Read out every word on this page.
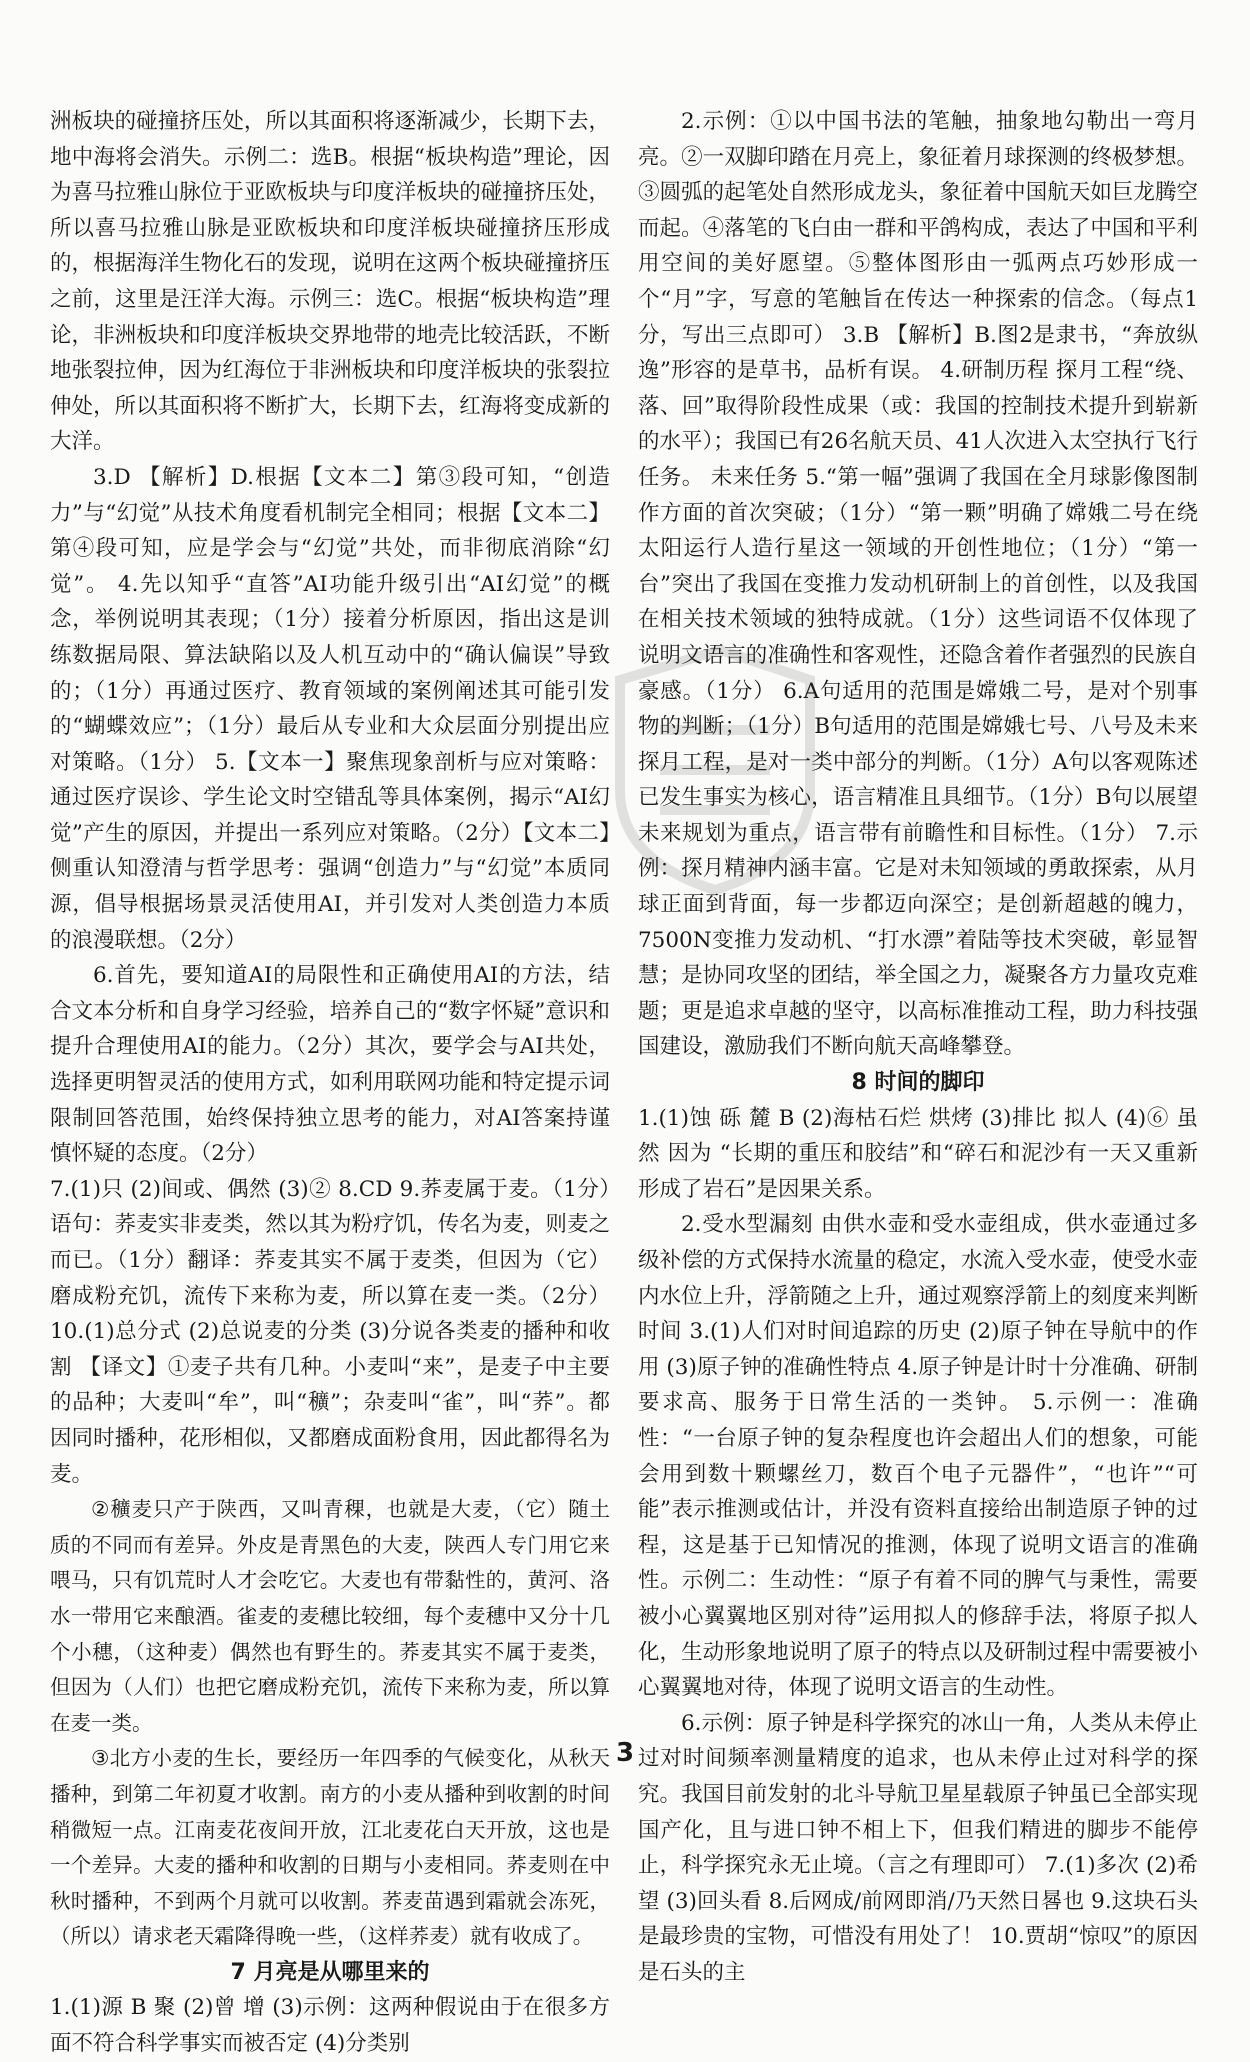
洲板块的碰撞挤压处，所以其面积将逐渐减少，长期下去，地中海将会消失。示例二：选B。根据“板块构造”理论，因为喜马拉雅山脉位于亚欧板块与印度洋板块的碰撞挤压处，所以喜马拉雅山脉是亚欧板块和印度洋板块碰撞挤压形成的，根据海洋生物化石的发现，说明在这两个板块碰撞挤压之前，这里是汪洋大海。示例三：选C。根据“板块构造”理论，非洲板块和印度洋板块交界地带的地壳比较活跃，不断地张裂拉伸，因为红海位于非洲板块和印度洋板块的张裂拉伸处，所以其面积将不断扩大，长期下去，红海将变成新的大洋。

3.D 【解析】D.根据【文本二】第③段可知，“创造力”与“幻觉”从技术角度看机制完全相同；根据【文本二】第④段可知，应是学会与“幻觉”共处，而非彻底消除“幻觉”。 4.先以知乎“直答”AI功能升级引出“AI幻觉”的概念，举例说明其表现；（1分）接着分析原因，指出这是训练数据局限、算法缺陷以及人机互动中的“确认偏误”导致的；（1分）再通过医疗、教育领域的案例阐述其可能引发的“蝴蝶效应”；（1分）最后从专业和大众层面分别提出应对策略。（1分） 5.【文本一】聚焦现象剖析与应对策略：通过医疗误诊、学生论文时空错乱等具体案例，揭示“AI幻觉”产生的原因，并提出一系列应对策略。（2分）【文本二】侧重认知澄清与哲学思考：强调“创造力”与“幻觉”本质同源，倡导根据场景灵活使用AI，并引发对人类创造力本质的浪漫联想。（2分）

6.首先，要知道AI的局限性和正确使用AI的方法，结合文本分析和自身学习经验，培养自己的“数字怀疑”意识和提升合理使用AI的能力。（2分）其次，要学会与AI共处，选择更明智灵活的使用方式，如利用联网功能和特定提示词限制回答范围，始终保持独立思考的能力，对AI答案持谨慎怀疑的态度。（2分）

7.(1)只 (2)间或、偶然 (3)② 8.CD 9.荞麦属于麦。（1分）语句：荞麦实非麦类，然以其为粉疗饥，传名为麦，则麦之而已。（1分）翻译：荞麦其实不属于麦类，但因为（它）磨成粉充饥，流传下来称为麦，所以算在麦一类。（2分） 10.(1)总分式 (2)总说麦的分类 (3)分说各类麦的播种和收割 【译文】①麦子共有几种。小麦叫“来”，是麦子中主要的品种；大麦叫“牟”，叫“穬”；杂麦叫“雀”，叫“荞”。都因同时播种，花形相似，又都磨成面粉食用，因此都得名为麦。

②穬麦只产于陕西，又叫青稞，也就是大麦，（它）随土质的不同而有差异。外皮是青黑色的大麦，陕西人专门用它来喂马，只有饥荒时人才会吃它。大麦也有带黏性的，黄河、洛水一带用它来酿酒。雀麦的麦穗比较细，每个麦穗中又分十几个小穗，（这种麦）偶然也有野生的。荞麦其实不属于麦类，但因为（人们）也把它磨成粉充饥，流传下来称为麦，所以算在麦一类。

③北方小麦的生长，要经历一年四季的气候变化，从秋天播种，到第二年初夏才收割。南方的小麦从播种到收割的时间稍微短一点。江南麦花夜间开放，江北麦花白天开放，这也是一个差异。大麦的播种和收割的日期与小麦相同。荞麦则在中秋时播种，不到两个月就可以收割。荞麦苗遇到霜就会冻死，（所以）请求老天霜降得晚一些，（这样荞麦）就有收成了。

7 月亮是从哪里来的

1.(1)源 B 聚 (2)曾 增 (3)示例：这两种假说由于在很多方面不符合科学事实而被否定 (4)分类别

2.示例：①以中国书法的笔触，抽象地勾勒出一弯月亮。②一双脚印踏在月亮上，象征着月球探测的终极梦想。③圆弧的起笔处自然形成龙头，象征着中国航天如巨龙腾空而起。④落笔的飞白由一群和平鸽构成，表达了中国和平利用空间的美好愿望。⑤整体图形由一弧两点巧妙形成一个“月”字，写意的笔触旨在传达一种探索的信念。（每点1分，写出三点即可） 3.B 【解析】B.图2是隶书，“奔放纵逸”形容的是草书，品析有误。 4.研制历程 探月工程“绕、落、回”取得阶段性成果（或：我国的控制技术提升到崭新的水平）；我国已有26名航天员、41人次进入太空执行飞行任务。 未来任务 5.“第一幅”强调了我国在全月球影像图制作方面的首次突破；（1分）“第一颗”明确了嫦娥二号在绕太阳运行人造行星这一领域的开创性地位；（1分）“第一台”突出了我国在变推力发动机研制上的首创性，以及我国在相关技术领域的独特成就。（1分）这些词语不仅体现了说明文语言的准确性和客观性，还隐含着作者强烈的民族自豪感。（1分） 6.A句适用的范围是嫦娥二号，是对个别事物的判断；（1分）B句适用的范围是嫦娥七号、八号及未来探月工程，是对一类中部分的判断。（1分）A句以客观陈述已发生事实为核心，语言精准且具细节。（1分）B句以展望未来规划为重点，语言带有前瞻性和目标性。（1分） 7.示例：探月精神内涵丰富。它是对未知领域的勇敢探索，从月球正面到背面，每一步都迈向深空；是创新超越的魄力，7500N变推力发动机、“打水漂”着陆等技术突破，彰显智慧；是协同攻坚的团结，举全国之力，凝聚各方力量攻克难题；更是追求卓越的坚守，以高标准推动工程，助力科技强国建设，激励我们不断向航天高峰攀登。

8 时间的脚印

1.(1)蚀 砾 麓 B (2)海枯石烂 烘烤 (3)排比 拟人 (4)⑥ 虽然 因为 “长期的重压和胶结”和“碎石和泥沙有一天又重新形成了岩石”是因果关系。

2.受水型漏刻 由供水壶和受水壶组成，供水壶通过多级补偿的方式保持水流量的稳定，水流入受水壶，使受水壶内水位上升，浮箭随之上升，通过观察浮箭上的刻度来判断时间 3.(1)人们对时间追踪的历史 (2)原子钟在导航中的作用 (3)原子钟的准确性特点 4.原子钟是计时十分准确、研制要求高、服务于日常生活的一类钟。 5.示例一：准确性：“一台原子钟的复杂程度也许会超出人们的想象，可能会用到数十颗螺丝刀，数百个电子元器件”，“也许”“可能”表示推测或估计，并没有资料直接给出制造原子钟的过程，这是基于已知情况的推测，体现了说明文语言的准确性。示例二：生动性：“原子有着不同的脾气与秉性，需要被小心翼翼地区别对待”运用拟人的修辞手法，将原子拟人化，生动形象地说明了原子的特点以及研制过程中需要被小心翼翼地对待，体现了说明文语言的生动性。

6.示例：原子钟是科学探究的冰山一角，人类从未停止过对时间频率测量精度的追求，也从未停止过对科学的探究。我国目前发射的北斗导航卫星星载原子钟虽已全部实现国产化，且与进口钟不相上下，但我们精进的脚步不能停止，科学探究永无止境。（言之有理即可） 7.(1)多次 (2)希望 (3)回头看 8.后网成/前网即消/乃天然日晷也 9.这块石头是最珍贵的宝物，可惜没有用处了！ 10.贾胡“惊叹”的原因是石头的主

3
